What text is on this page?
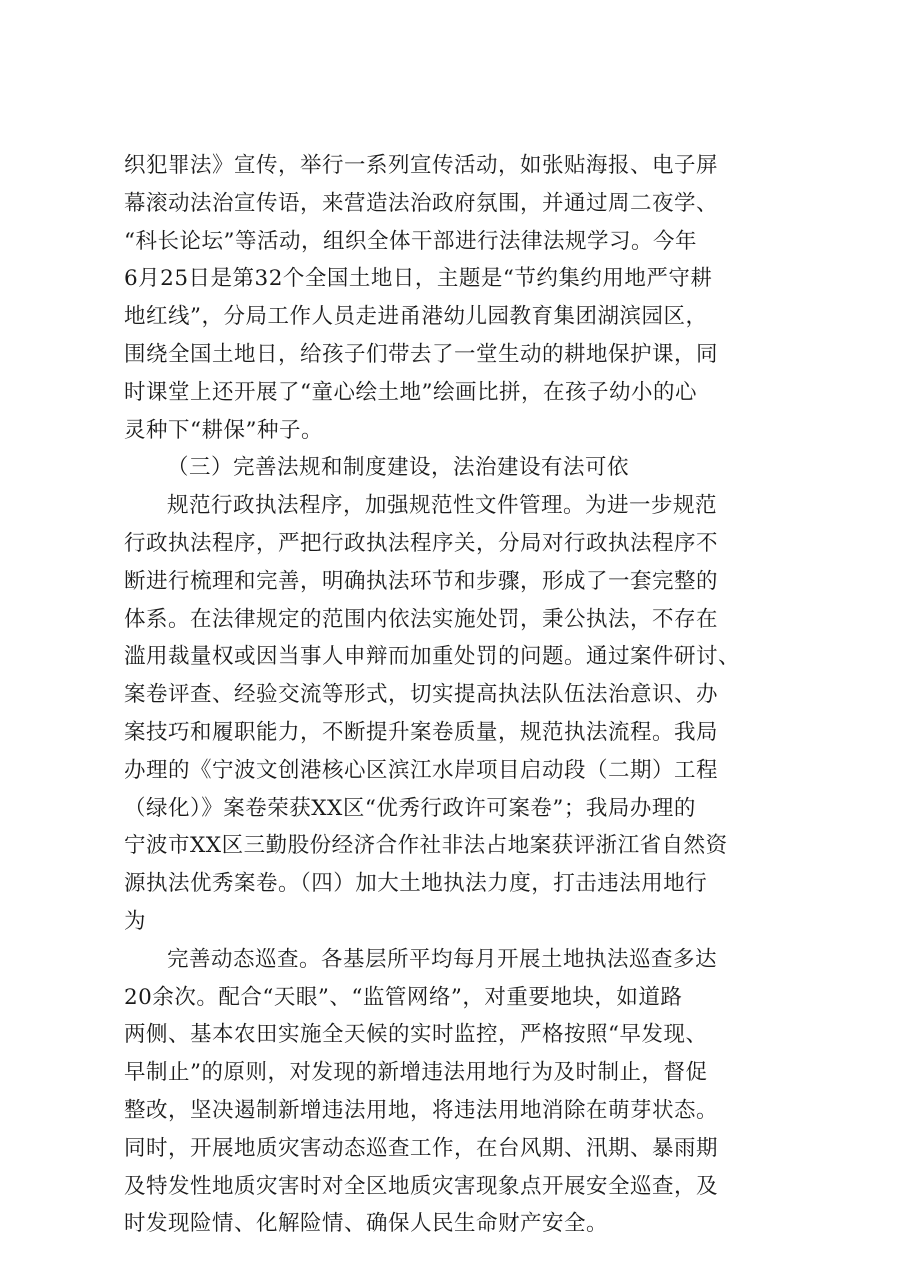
织犯罪法》宣传，举行一系列宣传活动，如张贴海报、电子屏
幕滚动法治宣传语，来营造法治政府氛围，并通过周二夜学、
“科长论坛”等活动，组织全体干部进行法律法规学习。今年
6月25日是第32个全国土地日，主题是“节约集约用地严守耕
地红线”，分局工作人员走进甬港幼儿园教育集团湖滨园区，
围绕全国土地日，给孩子们带去了一堂生动的耕地保护课，同
时课堂上还开展了“童心绘土地”绘画比拼，在孩子幼小的心
灵种下“耕保”种子。
（三）完善法规和制度建设，法治建设有法可依
规范行政执法程序，加强规范性文件管理。为进一步规范
行政执法程序，严把行政执法程序关，分局对行政执法程序不
断进行梳理和完善，明确执法环节和步骤，形成了一套完整的
体系。在法律规定的范围内依法实施处罚，秉公执法，不存在
滥用裁量权或因当事人申辩而加重处罚的问题。通过案件研讨、
案卷评查、经验交流等形式，切实提高执法队伍法治意识、办
案技巧和履职能力，不断提升案卷质量，规范执法流程。我局
办理的《宁波文创港核心区滨江水岸项目启动段（二期）工程
（绿化）》案卷荣获XX区“优秀行政许可案卷”；我局办理的
宁波市XX区三勤股份经济合作社非法占地案获评浙江省自然资
源执法优秀案卷。（四）加大土地执法力度，打击违法用地行
为
完善动态巡查。各基层所平均每月开展土地执法巡查多达
20余次。配合“天眼”、“监管网络”，对重要地块，如道路
两侧、基本农田实施全天候的实时监控，严格按照“早发现、
早制止”的原则，对发现的新增违法用地行为及时制止，督促
整改，坚决遏制新增违法用地，将违法用地消除在萌芽状态。
同时，开展地质灾害动态巡查工作，在台风期、汛期、暴雨期
及特发性地质灾害时对全区地质灾害现象点开展安全巡查，及
时发现险情、化解险情、确保人民生命财产安全。
